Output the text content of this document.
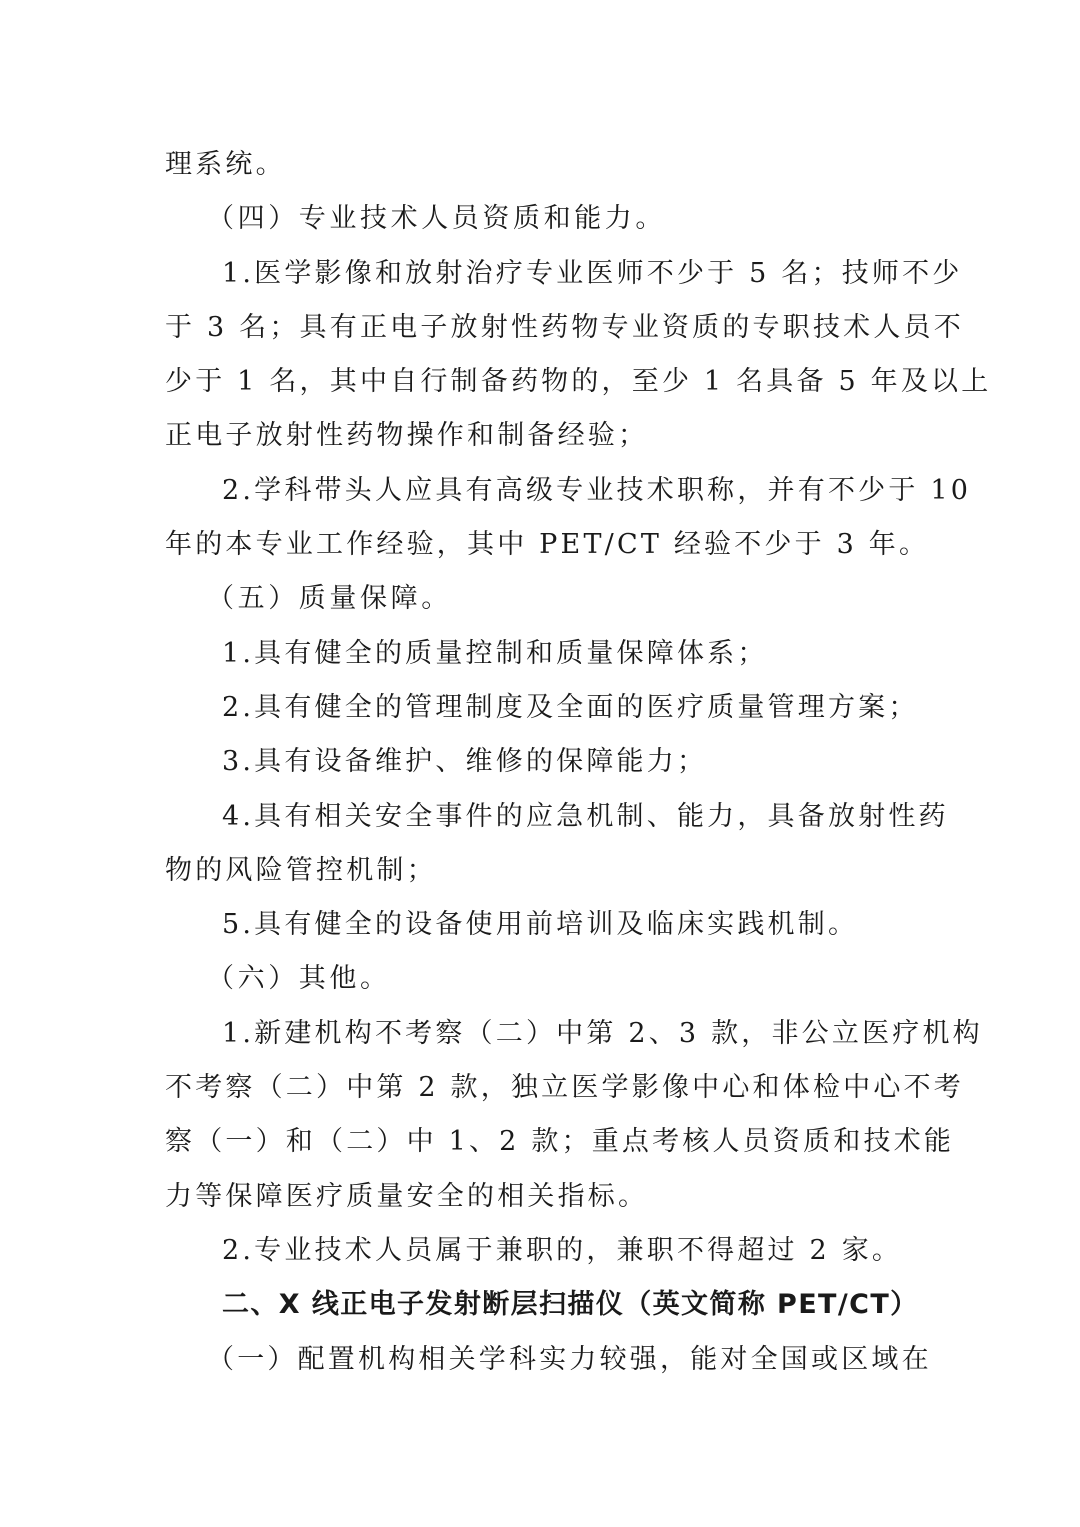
理系统。
（四）专业技术人员资质和能力。
1.医学影像和放射治疗专业医师不少于 5 名；技师不少
于 3 名；具有正电子放射性药物专业资质的专职技术人员不
少于 1 名，其中自行制备药物的，至少 1 名具备 5 年及以上
正电子放射性药物操作和制备经验；
2.学科带头人应具有高级专业技术职称，并有不少于 10
年的本专业工作经验，其中 PET/CT 经验不少于 3 年。
（五）质量保障。
1.具有健全的质量控制和质量保障体系；
2.具有健全的管理制度及全面的医疗质量管理方案；
3.具有设备维护、维修的保障能力；
4.具有相关安全事件的应急机制、能力，具备放射性药
物的风险管控机制；
5.具有健全的设备使用前培训及临床实践机制。
（六）其他。
1.新建机构不考察（二）中第 2、3 款，非公立医疗机构
不考察（二）中第 2 款，独立医学影像中心和体检中心不考
察（一）和（二）中 1、2 款；重点考核人员资质和技术能
力等保障医疗质量安全的相关指标。
2.专业技术人员属于兼职的，兼职不得超过 2 家。
二、X 线正电子发射断层扫描仪（英文简称 PET/CT）
（一）配置机构相关学科实力较强，能对全国或区域在
